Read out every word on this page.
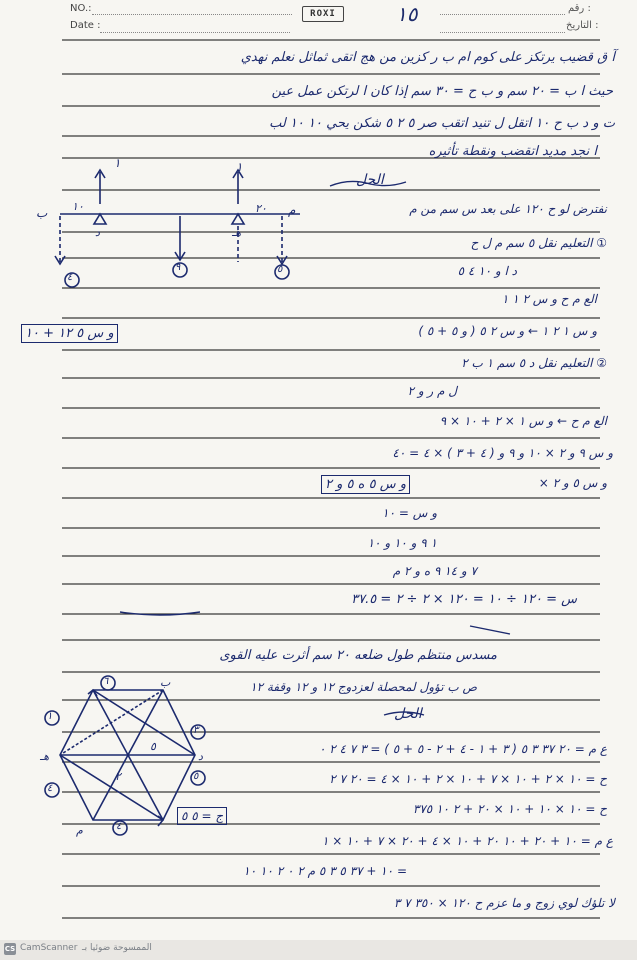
NO.:
Date :
رقم :
التاريخ :
ROXI	١٥
و س ٥ ١٢ + ١٠
و س ٥ ه ٥ و ٢
ج = ٥ ٥
آ ق قضيب يرتكز على كوم ام ب ر كزين من هج اتقى ثماثل نعلم نهدي
حيث ا ب = ٢٠ سم و ب ح = ٣٠ سم إذا كان ا لرتكن عمل عين
ت و د ب ح ١٠ اتقل ل تنيد اتقب صر ٥ ٢ ٥ شكن يحي ١٠ ١٠ لب
ا نجد مديد اتقضب ونقطة تأثيره
الحل
ب	م
١٠	٢٠
د	هـ
١	١
٤
٩	٥
نفترض لو ح ١٢٠ على بعد س سم من م
① التعليم نقل ٥ سم م ل ح
د ا و ١٠ ٤ ٥
الع م ح و س ٢ ١ ١
و س ١ ٢ ١ ← و س ٢ ٥ ( و ٥ + ٥ )
② التعليم نقل د ٥ سم ١ ب ٢
ل م ر و ٢
الع م ح ← و س ١ × ٢ + ١٠ × ٩
و س ٩ و ٢ × ١٠ و ٩ و ( ٤ + ٣ ) × ٤ = ٤٠
و س ٥ و ٢ ×
و س = ١٠
١ ٩ و ١٠ و ١٠
٧ و ١٤ ٩ ه و ٢ م
س = ١٢٠ ÷ ١٠ = ١٢٠ × ٢ ÷ ٢ = ٣٧.٥
مسدس منتظم طول ضلعه ٢٠ سم أثرت عليه القوى
ص ب تؤول لمحصلة لعزدوج ١٢ و ١٢ وقفة ١٢
الحل
هـ
٤
٥
ب
١
٦
٢
٣
د
م	٤
٥	ع م = ٢٠ ٣٧ ٣ ٥ ( ٣ + ١ - ٤ + ٢ - ٥ + ٥ ) = ٣ ٧ ٤ ٢ ٠
ح = ١٠ × ٢ + ١٠ × ٧ + ١٠ × ٢ + ١٠ × ٤ = ٢٠ ٧ ٢
ح = ١٠ × ١٠ + ١٠ × ٢٠ + ٢ ١٠ ٣٧٥
ع م = ١٠ + ٢٠ + ١٠ ٢٠ + ١٠ × ٤ + ٢٠ × ٧ + ١٠ × ١
= ١٠ + ٣٧ ٥ ٣ ٥ م ٢ ٠ ٢ ١٠ ١٠
لا تلؤك لوي زوج و ما عزم ح ١٢٠ × ٣٥٠ ٧ ٣
CS CamScanner الممسوحة ضوئيا بـ
